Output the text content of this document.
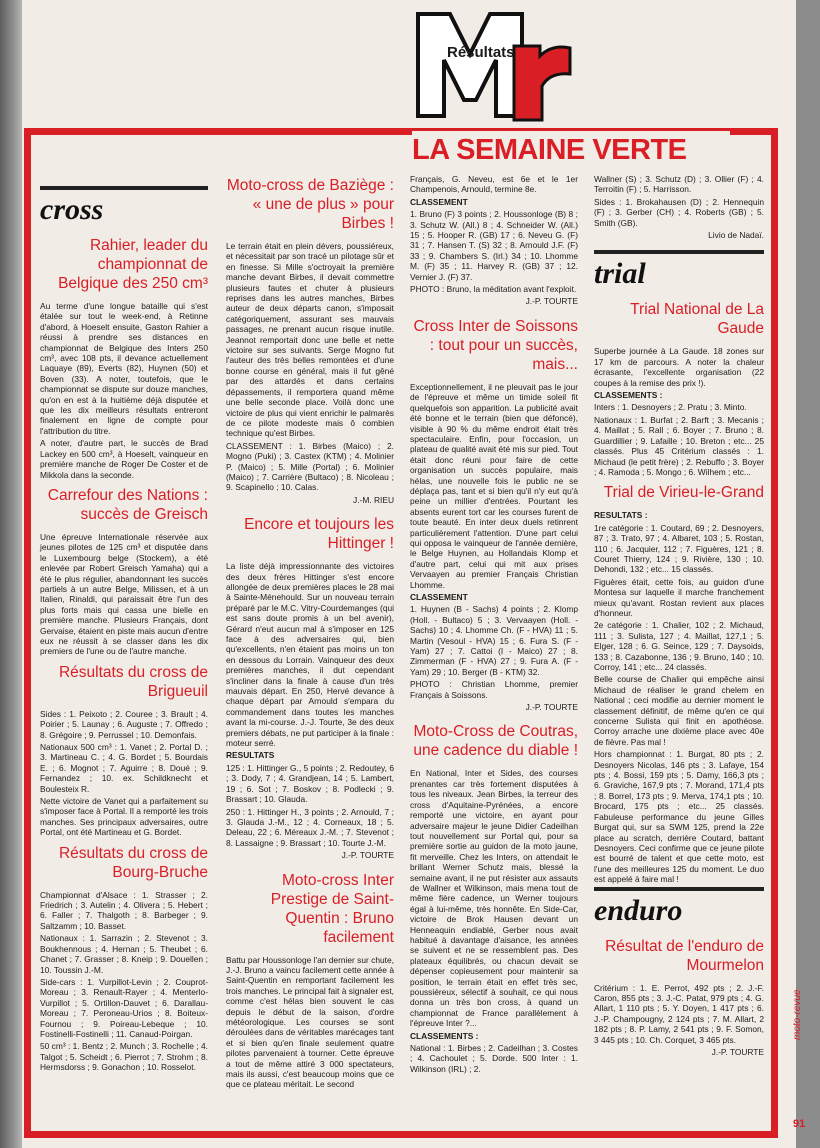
Résultats
LA SEMAINE VERTE
cross
Rahier, leader du championnat de Belgique des 250 cm³

Au terme d'une longue bataille qui s'est étalée sur tout le week-end, à Retinne d'abord, à Hoeselt ensuite, Gaston Rahier a réussi à prendre ses distances en championnat de Belgique des Inters 250 cm³, avec 108 pts, il devance actuellement Laquaye (89), Everts (82), Huynen (50) et Boven (33). A noter, toutefois, que le championnat se dispute sur douze manches, qu'on en est à la huitième déjà disputée et que les dix meilleurs résultats entreront finalement en ligne de compte pour l'attribution du titre.

A noter, d'autre part, le succès de Brad Lackey en 500 cm³, à Hoeselt, vainqueur en première manche de Roger De Coster et de Mikkola dans la seconde.

Carrefour des Nations : succès de Greisch

Une épreuve Internationale réservée aux jeunes pilotes de 125 cm³ et disputée dans le Luxembourg belge (Stockem), a été enlevée par Robert Greisch Yamaha) qui a été le plus régulier, abandonnant les succès partiels à un autre Belge, Milissen, et à un Italien, Rinaldi, qui paraissait être l'un des plus forts mais qui cassa une bielle en première manche. Plusieurs Français, dont Gervaise, étaient en piste mais aucun d'entre eux ne réussit à se classer dans les dix premiers de l'une ou de l'autre manche.

Résultats du cross de Brigueuil

Sides : 1. Peixoto ; 2. Couree ; 3. Brault ; 4. Poirier ; 5. Launay ; 6. Auguste ; 7. Offredo ; 8. Grégoire ; 9. Perrussel ; 10. Demonfais.

Nationaux 500 cm³ : 1. Vanet ; 2. Portal D. ; 3. Martineau C. ; 4. G. Bordet ; 5. Bourdais E. ; 6. Mognot ; 7. Aguirre ; 8. Doué ; 9. Fernandez ; 10. ex. Schildknecht et Boulesteix R.

Nette victoire de Vanet qui a parfaitement su s'imposer face à Portal. Il a remporté les trois manches. Ses principaux adversaires, outre Portal, ont été Martineau et G. Bordet.

Résultats du cross de Bourg-Bruche

Championnat d'Alsace : 1. Strasser ; 2. Friedrich ; 3. Autelin ; 4. Olivera ; 5. Hebert ; 6. Faller ; 7. Thalgoth ; 8. Barbeger ; 9. Saltzamm ; 10. Basset.

Nationaux : 1. Sarrazin ; 2. Stevenot ; 3. Boukhennous ; 4. Hernan ; 5. Theubet ; 6. Chanet ; 7. Grasser ; 8. Kneip ; 9. Douellen ; 10. Toussin J.-M.

Side-cars : 1. Vurpillot-Levin ; 2. Couprot-Moreau ; 3. Renault-Rayer ; 4. Menterlo-Vurpillot ; 5. Ortillon-Dauvet ; 6. Darallau-Moreau ; 7. Peroneau-Urios ; 8. Boiteux-Fournou ; 9. Poireau-Lebeque ; 10. Fostinelli-Fostinelli ; 11. Canaud-Poirgan.

50 cm³ : 1. Bentz ; 2. Munch ; 3. Rochelle ; 4. Talgot ; 5. Scheidt ; 6. Pierrot ; 7. Strohm ; 8. Hermsdorss ; 9. Gonachon ; 10. Rosselot.

Moto-cross de Baziège : « une de plus » pour Birbes !

Le terrain était en plein dévers, poussiéreux, et nécessitait par son tracé un pilotage sûr et en finesse. Si Mille s'octroyait la première manche devant Birbes, il devait commettre plusieurs fautes et chuter à plusieurs reprises dans les autres manches, Birbes auteur de deux départs canon, s'imposait catégoriquement, assurant ses mauvais passages, ne prenant aucun risque inutile. Jeannot remportait donc une belle et nette victoire sur ses suivants. Serge Mogno fut l'auteur des très belles remontées et d'une bonne course en général, mais il fut gêné par des attardés et dans certains dépassements, il remportera quand même une belle seconde place. Voilà donc une victoire de plus qui vient enrichir le palmarès de ce pilote modeste mais ô combien technique qu'est Birbes.

CLASSEMENT : 1. Birbes (Maico) ; 2. Mogno (Puki) ; 3. Castex (KTM) ; 4. Molinier P. (Maico) ; 5. Mille (Portal) ; 6. Molinier (Maico) ; 7. Carrière (Bultaco) ; 8. Nicoleau ; 9. Scapinello ; 10. Calas.

J.-M. RIEU
Encore et toujours les Hittinger !

La liste déjà impressionnante des victoires des deux frères Hittinger s'est encore allongée de deux premières places le 28 mai à Sainte-Ménehould. Sur un nouveau terrain préparé par le M.C. Vitry-Courdemanges (qui est sans doute promis à un bel avenir), Gérard n'eut aucun mal à s'imposer en 125 face à des adversaires qui, bien qu'excellents, n'en étaient pas moins un ton en dessous du Lorrain. Vainqueur des deux premières manches, il dut cependant s'incliner dans la finale à cause d'un très mauvais départ. En 250, Hervé devance à chaque départ par Arnould s'empara du commandement dans toutes les manches avant la mi-course. J.-J. Tourte, 3e des deux premiers débats, ne put participer à la finale : moteur serré.

RESULTATS

125 : 1. Hittinger G., 5 points ; 2. Redoutey, 6 ; 3. Dody, 7 ; 4. Grandjean, 14 ; 5. Lambert, 19 ; 6. Sot ; 7. Boskov ; 8. Podlecki ; 9. Brassart ; 10. Glauda.

250 : 1. Hittinger H., 3 points ; 2. Arnould, 7 ; 3. Glauda J.-M., 12 ; 4. Corneaux, 18 ; 5. Deleau, 22 ; 6. Méreaux J.-M. ; 7. Stevenot ; 8. Lassaigne ; 9. Brassart ; 10. Tourte J.-M.

J.-P. TOURTE
Moto-cross Inter Prestige de Saint-Quentin : Bruno facilement

Battu par Houssonloge l'an dernier sur chute, J.-J. Bruno a vaincu facilement cette année à Saint-Quentin en remportant facilement les trois manches. Le principal fait à signaler est, comme c'est hélas bien souvent le cas depuis le début de la saison, d'ordre météorologique. Les courses se sont déroulées dans de véritables marécages tant et si bien qu'en finale seulement quatre pilotes parvenaient à tourner. Cette épreuve a tout de même attiré 3 000 spectateurs, mais ils aussi, c'est beaucoup moins que ce que ce plateau méritait. Le second

Français, G. Neveu, est 6e et le 1er Champenois, Arnould, termine 8e.

CLASSEMENT

1. Bruno (F) 3 points ; 2. Houssonloge (B) 8 ; 3. Schutz W. (All.) 8 ; 4. Schneider W. (All.) 15 ; 5. Hooper R. (GB) 17 ; 6. Neveu G. (F) 31 ; 7. Hansen T. (S) 32 ; 8. Arnould J.F. (F) 33 ; 9. Chambers S. (Irl.) 34 ; 10. Lhomme M. (F) 35 ; 11. Harvey R. (GB) 37 ; 12. Vernier J. (F) 37.

PHOTO : Bruno, la méditation avant l'exploit.

J.-P. TOURTE
Cross Inter de Soissons : tout pour un succès, mais...

Exceptionnellement, il ne pleuvait pas le jour de l'épreuve et même un timide soleil fit quelquefois son apparition. La publicité avait été bonne et le terrain (bien que défoncé), visible à 90 % du même endroit était très spectaculaire. Enfin, pour l'occasion, un plateau de qualité avait été mis sur pied. Tout était donc réuni pour faire de cette organisation un succès populaire, mais hélas, une nouvelle fois le public ne se déplaça pas, tant et si bien qu'il n'y eut qu'à peine un millier d'entrées. Pourtant les absents eurent tort car les courses furent de toute beauté. En inter deux duels retinrent particulièrement l'attention. D'une part celui qui opposa le vainqueur de l'année dernière, le Belge Huynen, au Hollandais Klomp et d'autre part, celui qui mit aux prises Vervaayen au premier Français Christian Lhomme.

CLASSEMENT

1. Huynen (B - Sachs) 4 points ; 2. Klomp (Holl. - Bultaco) 5 ; 3. Vervaayen (Holl. - Sachs) 10 ; 4. Lhomme Ch. (F - HVA) 11 ; 5. Martin (Vesoul - HVA) 15 ; 6. Fura S. (F - Yam) 27 ; 7. Cattoi (I - Maico) 27 ; 8. Zimmerman (F - HVA) 27 ; 9. Fura A. (F - Yam) 29 ; 10. Berger (B - KTM) 32.

PHOTO : Christian Lhomme, premier Français à Soissons.

J.-P. TOURTE
Moto-Cross de Coutras, une cadence du diable !

En National, Inter et Sides, des courses prenantes car très fortement disputées à tous les niveaux. Jean Birbes, la terreur des cross d'Aquitaine-Pyrénées, a encore remporté une victoire, en ayant pour adversaire majeur le jeune Didier Cadeilhan tout nouvellement sur Portal qui, pour sa première sortie au guidon de la moto jaune, fit merveille. Chez les Inters, on attendait le brillant Werner Schutz mais, blessé la semaine avant, il ne put résister aux assauts de Wallner et Wilkinson, mais mena tout de même fière cadence, un Werner toujours égal à lui-même, très honnête. En Side-Car, victoire de Brok Hausen devant un Henneaquin endiablé, Gerber nous avait habitué à davantage d'aisance, les années se suivent et ne se ressemblent pas. Des plateaux équilibrés, ou chacun devait se dépenser copieusement pour maintenir sa position, le terrain était en effet très sec, poussiéreux, sélectif à souhait, ce qui nous donna un très bon cross, à quand un championnat de France parallèlement à l'épreuve Inter ?...

CLASSEMENTS :

National : 1. Birbes ; 2. Cadeilhan ; 3. Costes ; 4. Cachoulet ; 5. Dorde. 500 Inter : 1. Wilkinson (IRL) ; 2.

Wallner (S) ; 3. Schutz (D) ; 3. Ollier (F) ; 4. Terroitin (F) ; 5. Harrisson.

Sides : 1. Brokahausen (D) ; 2. Hennequin (F) ; 3. Gerber (CH) ; 4. Roberts (GB) ; 5. Smith (GB).

Livio de Nadaï.
trial
Trial National de La Gaude

Superbe journée à La Gaude. 18 zones sur 17 km de parcours. A noter la chaleur écrasante, l'excellente organisation (22 coupes à la remise des prix !).

CLASSEMENTS :

Inters : 1. Desnoyers ; 2. Pratu ; 3. Minto.

Nationaux : 1. Burfat ; 2. Barft ; 3. Mecanis ; 4. Maillat ; 5. Rall ; 6. Boyer ; 7. Bruno ; 8. Guardillier ; 9. Lafaille ; 10. Breton ; etc... 25 classés. Plus 45 Critérium classés : 1. Michaud (le petit frère) ; 2. Rebuffo ; 3. Boyer ; 4. Ramoda ; 5. Mongo ; 6. Wilhem ; etc...

Trial de Virieu-le-Grand

RESULTATS :

1re catégorie : 1. Coutard, 69 ; 2. Desnoyers, 87 ; 3. Trato, 97 ; 4. Albaret, 103 ; 5. Rostan, 110 ; 6. Jacquier, 112 ; 7. Figuères, 121 ; 8. Couret Thierry, 124 ; 9. Rivière, 130 ; 10. Dehondi, 132 ; etc... 15 classés.

Figuères était, cette fois, au guidon d'une Montesa sur laquelle il marche franchement mieux qu'avant. Rostan revient aux places d'honneur.

2e catégorie : 1. Chalier, 102 ; 2. Michaud, 111 ; 3. Sulista, 127 ; 4. Maillat, 127,1 ; 5. Elger, 128 ; 6. G. Seince, 129 ; 7. Daysoids, 133 ; 8. Cazabonne, 136 ; 9. Bruno, 140 ; 10. Corroy, 141 ; etc... 24 classés.

Belle course de Chalier qui empêche ainsi Michaud de réaliser le grand chelem en National ; ceci modifie au dernier moment le classement définitif, de même qu'en ce qui concerne Sulista qui finit en apothéose. Corroy arrache une dixième place avec 40e de fièvre. Pas mal !

Hors championnat : 1. Burgat, 80 pts ; 2. Desnoyers Nicolas, 146 pts ; 3. Lafaye, 154 pts ; 4. Bossi, 159 pts ; 5. Damy, 166,3 pts ; 6. Graviche, 167,9 pts ; 7. Morand, 171,4 pts ; 8. Borrel, 173 pts ; 9. Merva, 174,1 pts ; 10. Brocard, 175 pts ; etc... 25 classés. Fabuleuse performance du jeune Gilles Burgat qui, sur sa SWM 125, prend la 22e place au scratch, derrière Coutard, battant Desnoyers. Ceci confirme que ce jeune pilote est bourré de talent et que cette moto, est l'une des meilleures 125 du moment. Le duo est appelé à faire mal !

enduro
Résultat de l'enduro de Mourmelon

Critérium : 1. E. Perrot, 492 pts ; 2. J.-F. Caron, 855 pts ; 3. J.-C. Patat, 979 pts ; 4. G. Allart, 1 110 pts ; 5. Y. Doyen, 1 417 pts ; 6. J.-P. Champougny, 2 124 pts ; 7. M. Allart, 2 182 pts ; 8. P. Lamy, 2 541 pts ; 9. F. Somon, 3 445 pts ; 10. Ch. Corquet, 3 465 pts.

J.-P. TOURTE
moto-revue
91
